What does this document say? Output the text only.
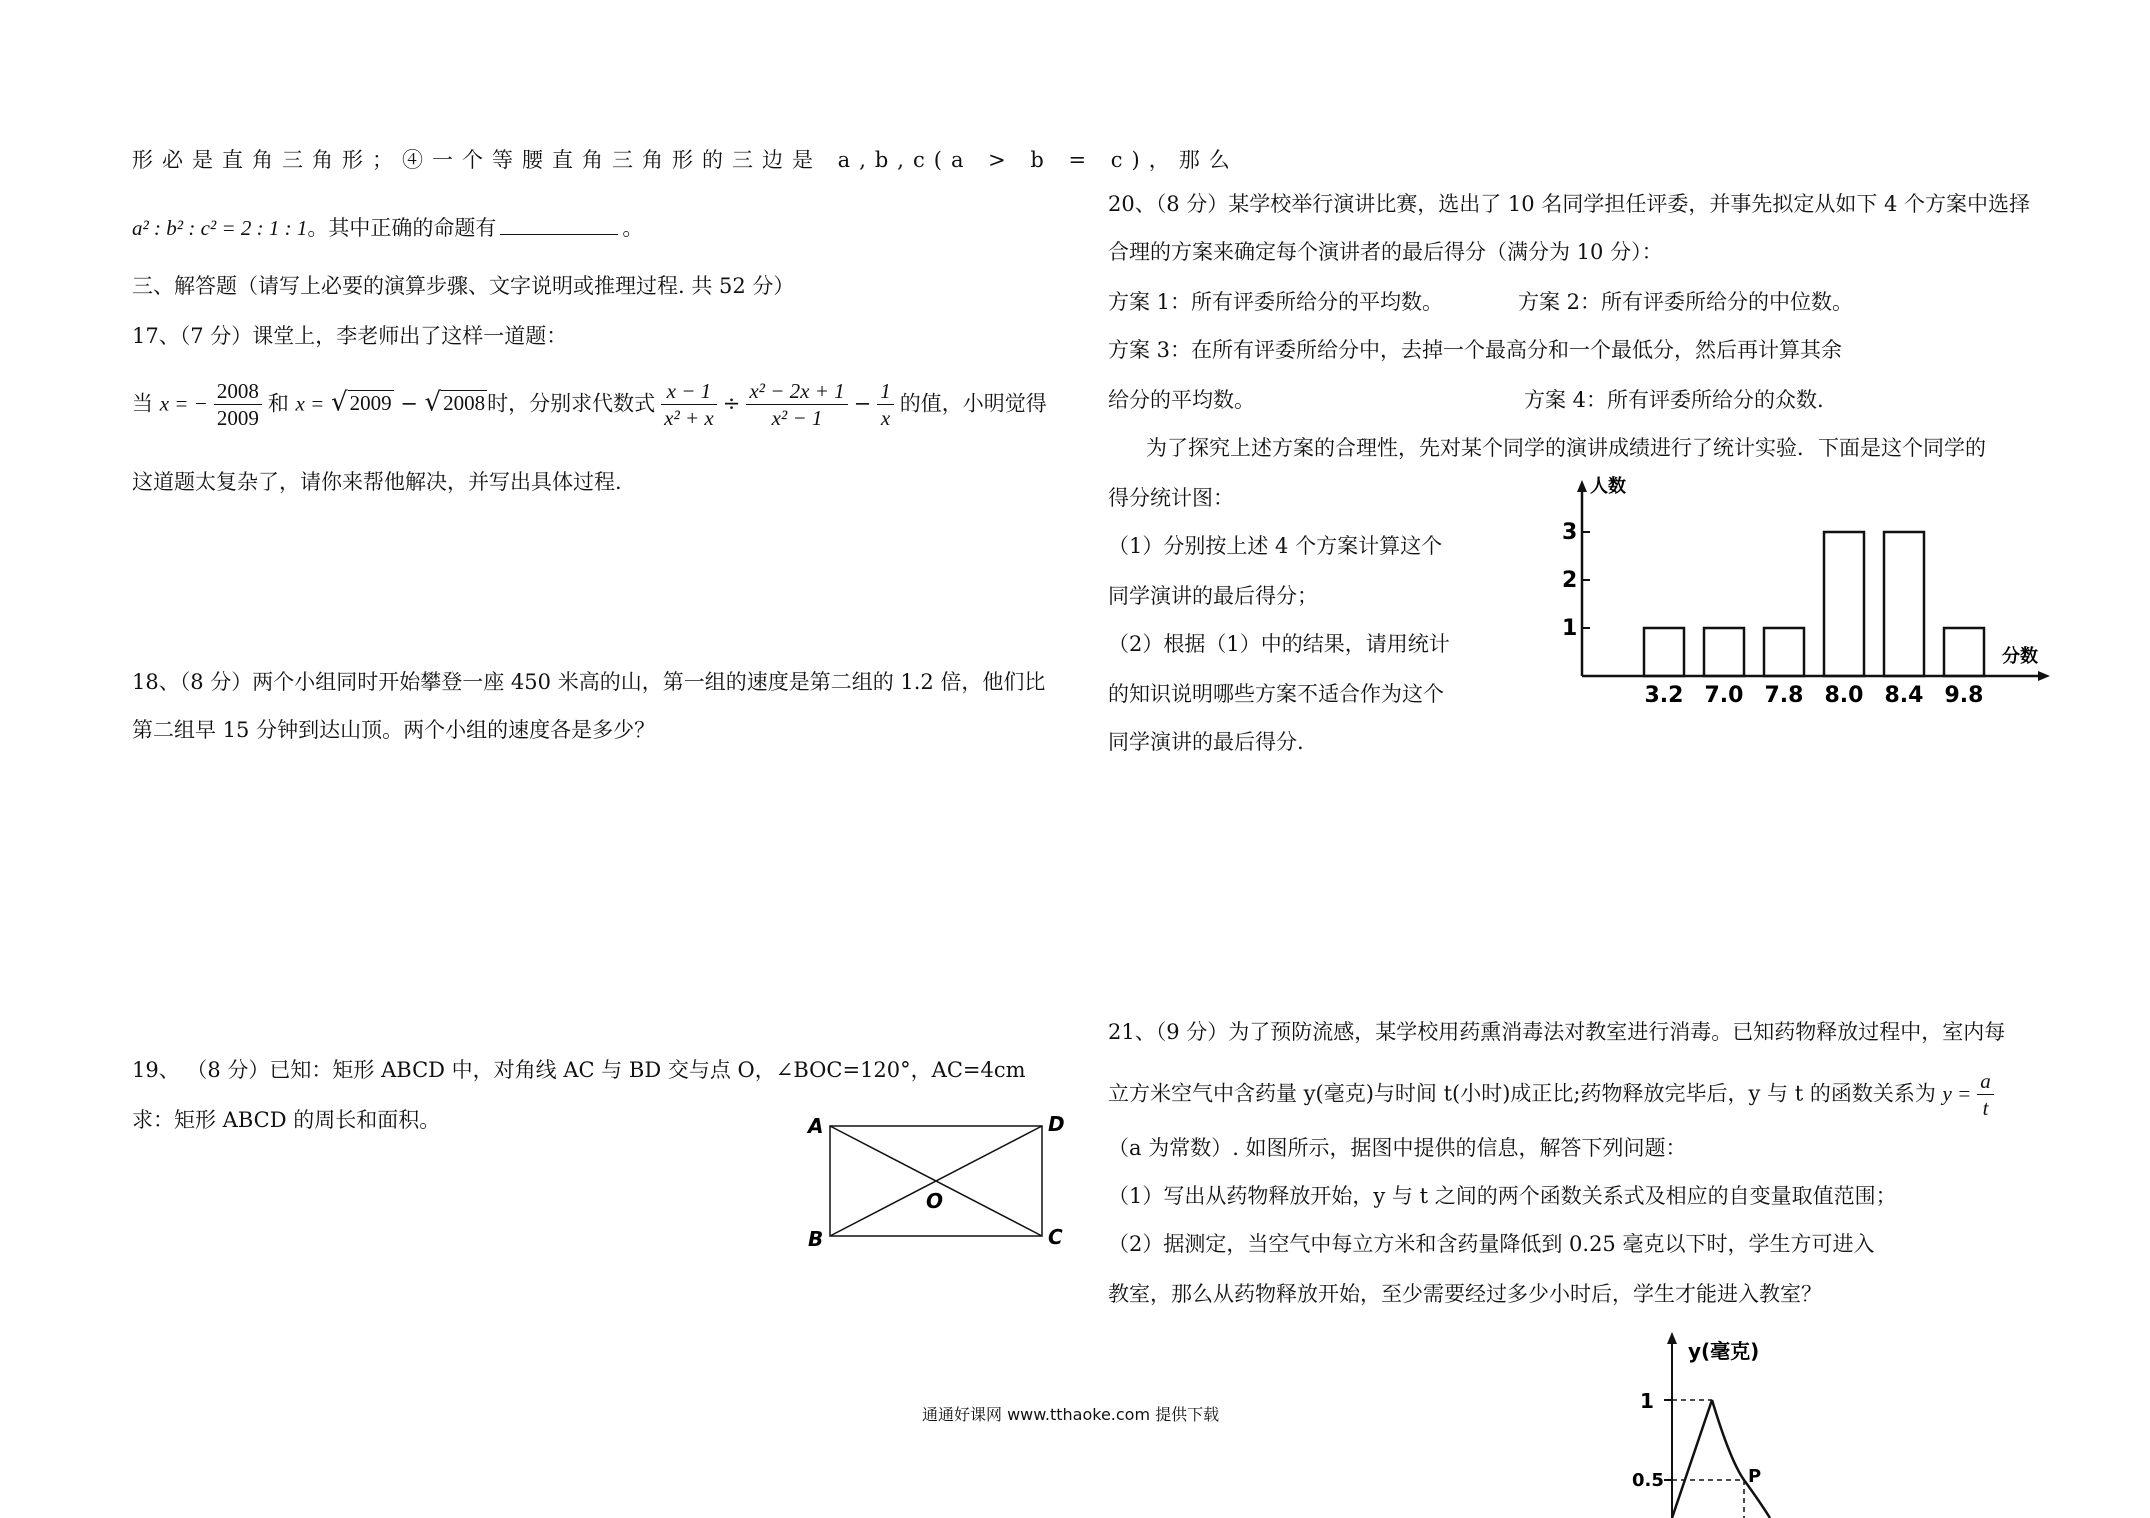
形必是直角三角形；④一个等腰直角三角形的三边是 a,b,c(a > b = c)，那么
a² : b² : c² = 2 : 1 : 1。其中正确的命题有	。
三、解答题（请写上必要的演算步骤、文字说明或推理过程. 共 52 分）
17、（7 分）课堂上，李老师出了这样一道题：
当 x = − $\frac{2008}{2009}$ 和 x = √2009 − √2008时，分别求代数式 $\frac{x - 1}{\text{x² + x}} \div \frac{\text{x² − 2x + 1}}{\text{x² − 1}} - \frac{1}{x}$ 的值，小明觉得
这道题太复杂了，请你来帮他解决，并写出具体过程.
18、（8 分）两个小组同时开始攀登一座 450 米高的山，第一组的速度是第二组的 1.2 倍，他们比
第二组早 15 分钟到达山顶。两个小组的速度各是多少？
19、 （8 分）已知：矩形 ABCD 中，对角线 AC 与 BD 交与点 O，∠BOC=120°，AC=4cm
求：矩形 ABCD 的周长和面积。	A	D
B	C
O
20、（8 分）某学校举行演讲比赛，选出了 10 名同学担任评委，并事先拟定从如下 4 个方案中选择
合理的方案来确定每个演讲者的最后得分（满分为 10 分）：
方案 1：所有评委所给分的平均数。	方案 2：所有评委所给分的中位数。
方案 3：在所有评委所给分中，去掉一个最高分和一个最低分，然后再计算其余
给分的平均数。	方案 4：所有评委所给分的众数.
为了探究上述方案的合理性，先对某个同学的演讲成绩进行了统计实验．下面是这个同学的
得分统计图：
（1）分别按上述 4 个方案计算这个
同学演讲的最后得分；
（2）根据（1）中的结果，请用统计
的知识说明哪些方案不适合作为这个
同学演讲的最后得分.
人数
分数
1
2
3
3.2 7.0 7.8 8.0 8.4 9.8
21、（9 分）为了预防流感，某学校用药熏消毒法对教室进行消毒。已知药物释放过程中，室内每
立方米空气中含药量 y(毫克)与时间 t(小时)成正比;药物释放完毕后，y 与 t 的函数关系为 $y = \frac{a}{t}$
（a 为常数）. 如图所示，据图中提供的信息，解答下列问题：
（1）写出从药物释放开始，y 与 t 之间的两个函数关系式及相应的自变量取值范围；
（2）据测定，当空气中每立方米和含药量降低到 0.25 毫克以下时，学生方可进入
教室，那么从药物释放开始，至少需要经过多少小时后，学生才能进入教室？
y(毫克)
1
0.5	P
通通好课网 www.tthaoke.com 提供下载
